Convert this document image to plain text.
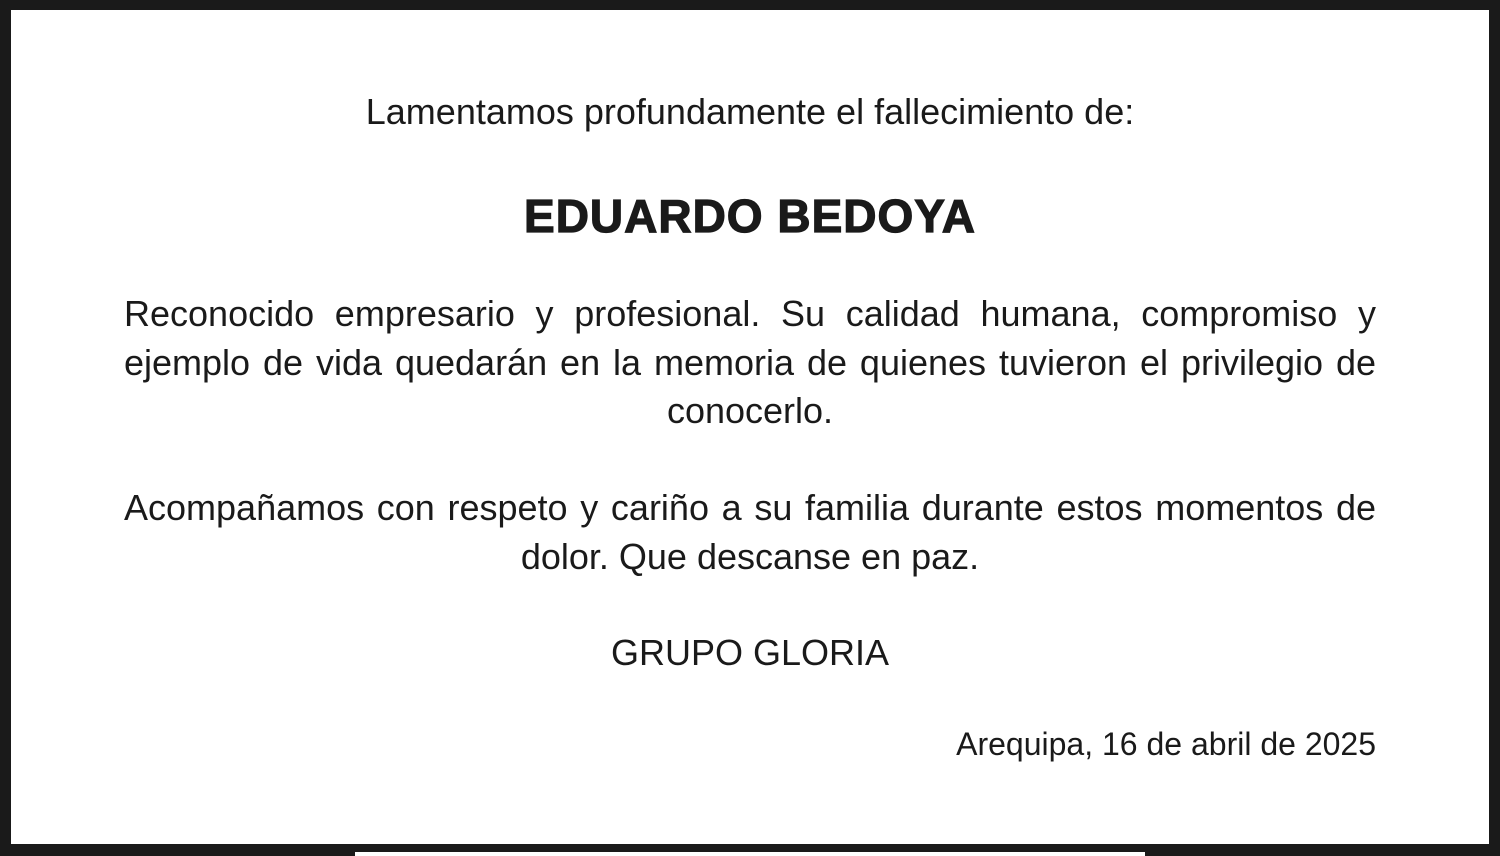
Lamentamos profundamente el fallecimiento de:
EDUARDO BEDOYA
Reconocido empresario y profesional. Su calidad humana, compromiso y ejemplo de vida quedarán en la memoria de quienes tuvieron el privilegio de conocerlo.
Acompañamos con respeto y cariño a su familia durante estos momentos de dolor. Que descanse en paz.
GRUPO GLORIA
Arequipa, 16 de abril de 2025
